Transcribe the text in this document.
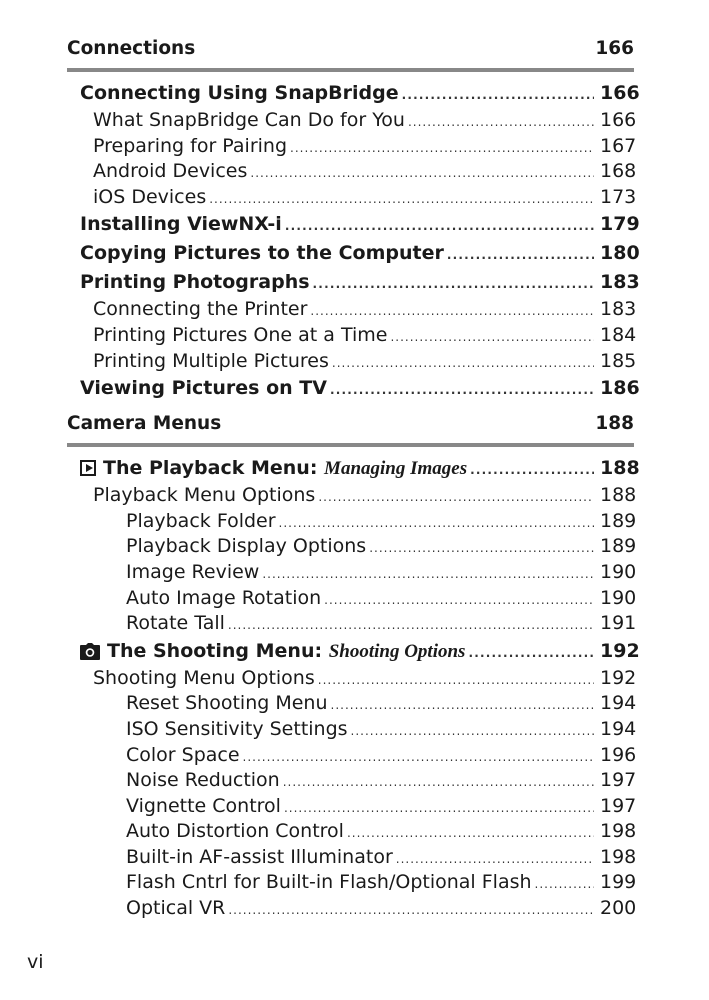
Connections	166
Connecting Using SnapBridge .....	166
What SnapBridge Can Do for You .....	166
Preparing for Pairing .....	167
Android Devices .....	168
iOS Devices .....	173
Installing ViewNX-i .....	179
Copying Pictures to the Computer .....	180
Printing Photographs .....	183
Connecting the Printer .....	183
Printing Pictures One at a Time .....	184
Printing Multiple Pictures .....	185
Viewing Pictures on TV .....	186
Camera Menus	188
The Playback Menu: Managing Images .....	188
Playback Menu Options .....	188
Playback Folder .....	189
Playback Display Options .....	189
Image Review .....	190
Auto Image Rotation .....	190
Rotate Tall .....	191
The Shooting Menu: Shooting Options .....	192
Shooting Menu Options .....	192
Reset Shooting Menu .....	194
ISO Sensitivity Settings .....	194
Color Space .....	196
Noise Reduction .....	197
Vignette Control .....	197
Auto Distortion Control .....	198
Built-in AF-assist Illuminator .....	198
Flash Cntrl for Built-in Flash/Optional Flash .....	199
Optical VR .....	200
vi
